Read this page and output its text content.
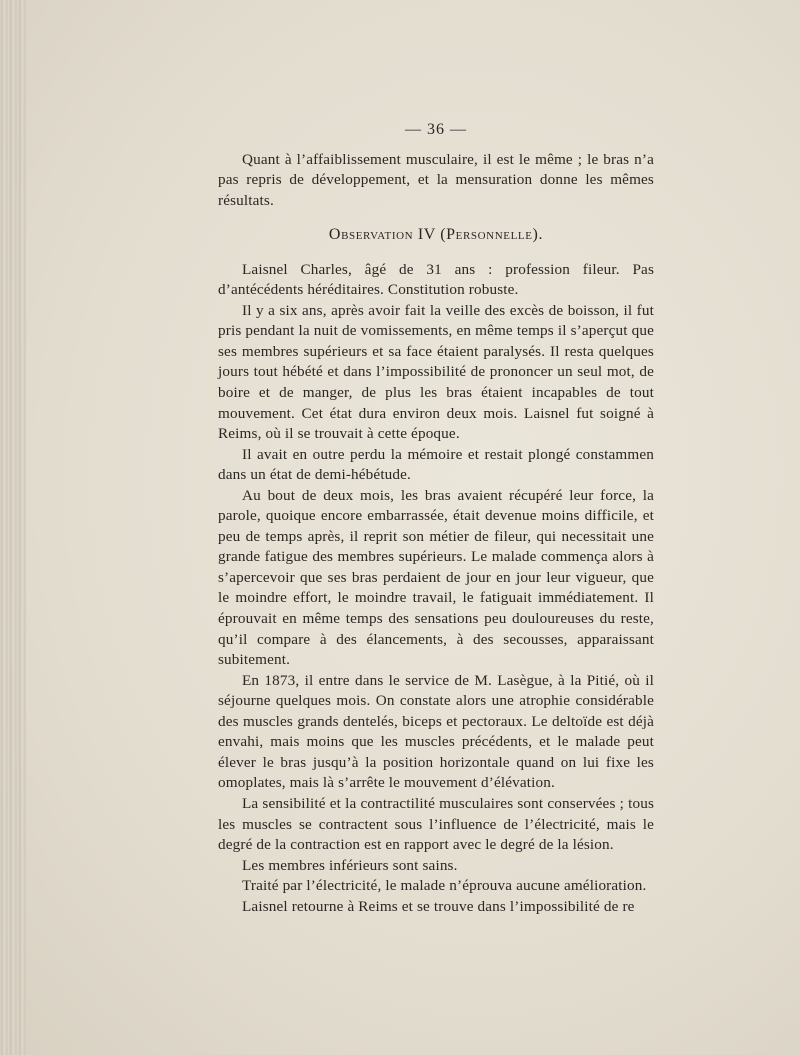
— 36 —

Quant à l’affaiblissement musculaire, il est le même ; le bras n’a pas repris de développement, et la mensuration donne les mêmes résultats.

Observation IV (Personnelle).

Laisnel Charles, âgé de 31 ans : profession fileur. Pas d’antécédents héréditaires. Constitution robuste.

Il y a six ans, après avoir fait la veille des excès de boisson, il fut pris pendant la nuit de vomissements, en même temps il s’aperçut que ses membres supérieurs et sa face étaient paralysés. Il resta quelques jours tout hébété et dans l’impossibilité de prononcer un seul mot, de boire et de manger, de plus les bras étaient incapables de tout mouvement. Cet état dura environ deux mois. Laisnel fut soigné à Reims, où il se trouvait à cette époque.

Il avait en outre perdu la mémoire et restait plongé constammen dans un état de demi-hébétude.

Au bout de deux mois, les bras avaient récupéré leur force, la parole, quoique encore embarrassée, était devenue moins difficile, et peu de temps après, il reprit son métier de fileur, qui necessitait une grande fatigue des membres supérieurs. Le malade commença alors à s’apercevoir que ses bras perdaient de jour en jour leur vigueur, que le moindre effort, le moindre travail, le fatiguait immédiatement. Il éprouvait en même temps des sensations peu douloureuses du reste, qu’il compare à des élancements, à des secousses, apparaissant subitement.

En 1873, il entre dans le service de M. Lasègue, à la Pitié, où il séjourne quelques mois. On constate alors une atrophie considérable des muscles grands dentelés, biceps et pectoraux. Le deltoïde est déjà envahi, mais moins que les muscles précédents, et le malade peut élever le bras jusqu’à la position horizontale quand on lui fixe les omoplates, mais là s’arrête le mouvement d’élévation.

La sensibilité et la contractilité musculaires sont conservées ; tous les muscles se contractent sous l’influence de l’électricité, mais le degré de la contraction est en rapport avec le degré de la lésion.

Les membres inférieurs sont sains.

Traité par l’électricité, le malade n’éprouva aucune amélioration.

Laisnel retourne à Reims et se trouve dans l’impossibilité de re
